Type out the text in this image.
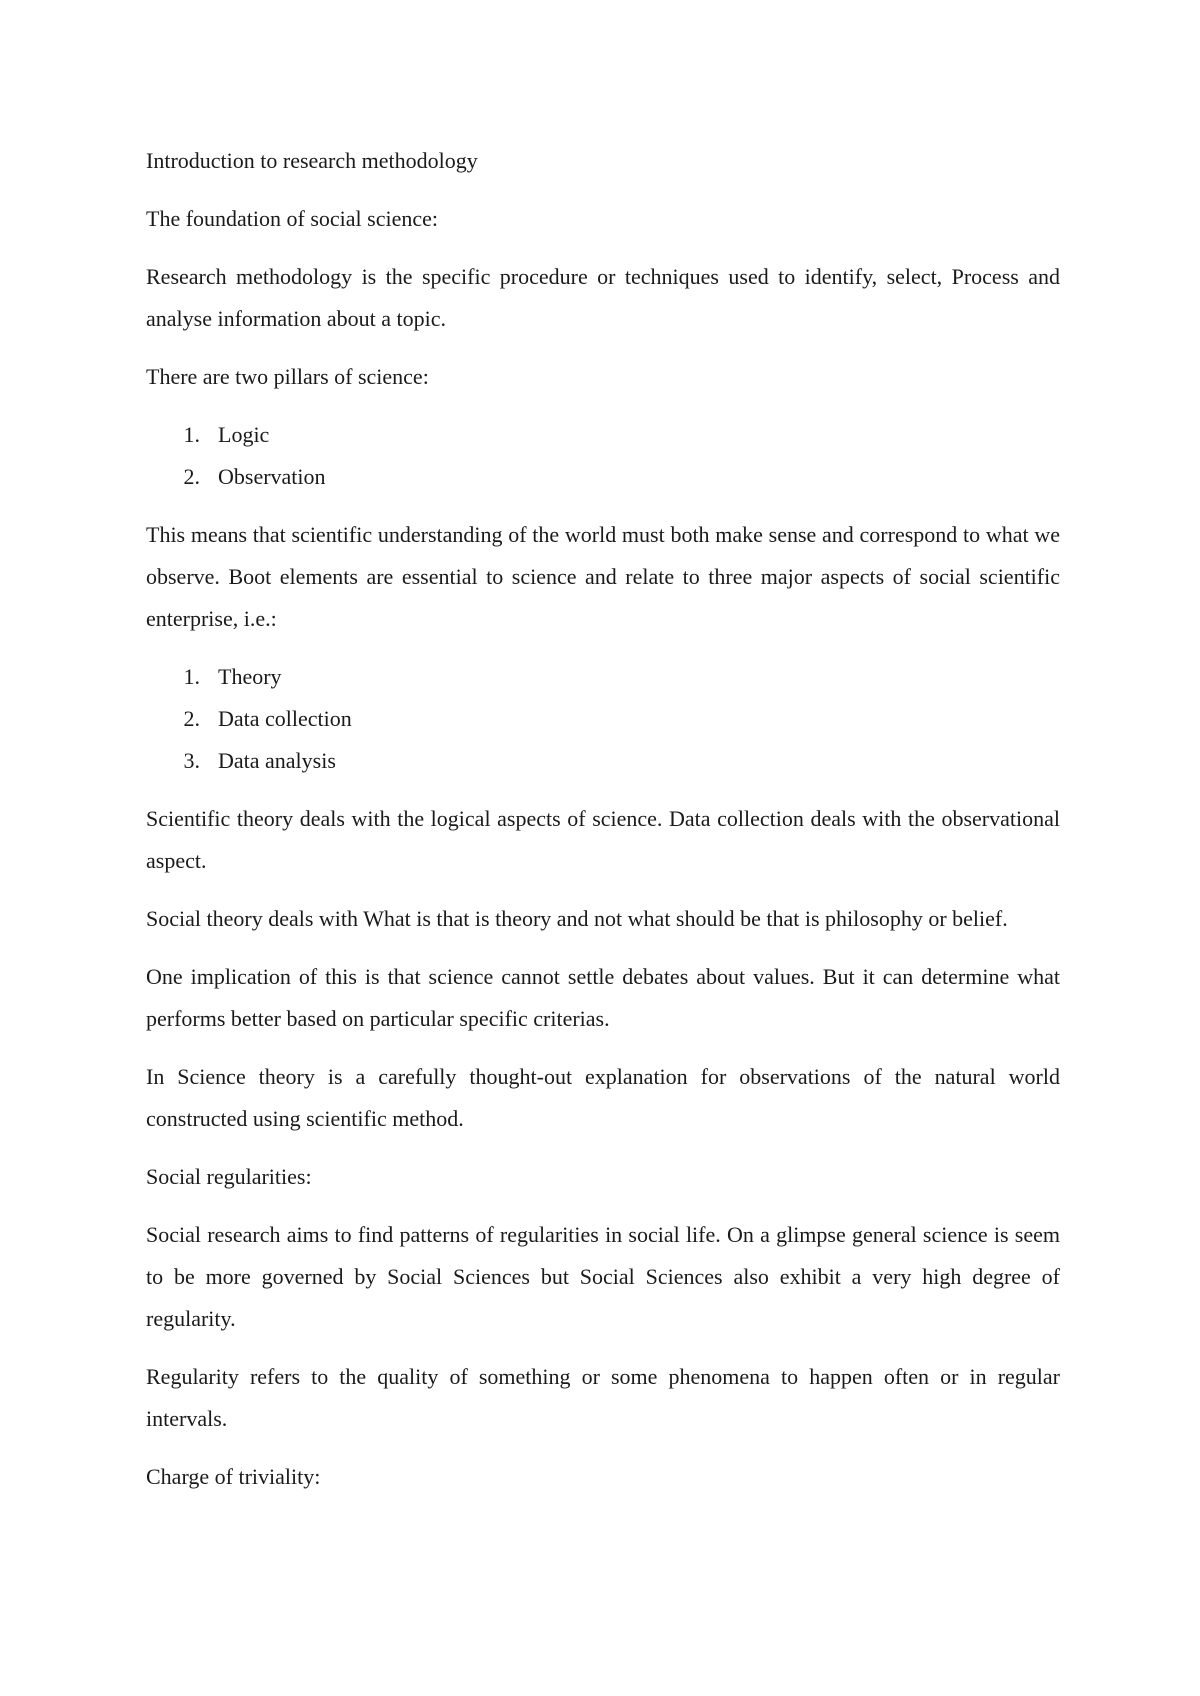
Introduction to research methodology

The foundation of social science:

Research methodology is the specific procedure or techniques used to identify, select, Process and analyse information about a topic.

There are two pillars of science:

1. Logic
2. Observation

This means that scientific understanding of the world must both make sense and correspond to what we observe. Boot elements are essential to science and relate to three major aspects of social scientific enterprise, i.e.:

1. Theory
2. Data collection
3. Data analysis

Scientific theory deals with the logical aspects of science. Data collection deals with the observational aspect.

Social theory deals with What is that is theory and not what should be that is philosophy or belief.

One implication of this is that science cannot settle debates about values. But it can determine what performs better based on particular specific criterias.

In Science theory is a carefully thought-out explanation for observations of the natural world constructed using scientific method.

Social regularities:

Social research aims to find patterns of regularities in social life. On a glimpse general science is seem to be more governed by Social Sciences but Social Sciences also exhibit a very high degree of regularity.

Regularity refers to the quality of something or some phenomena to happen often or in regular intervals.

Charge of triviality:
